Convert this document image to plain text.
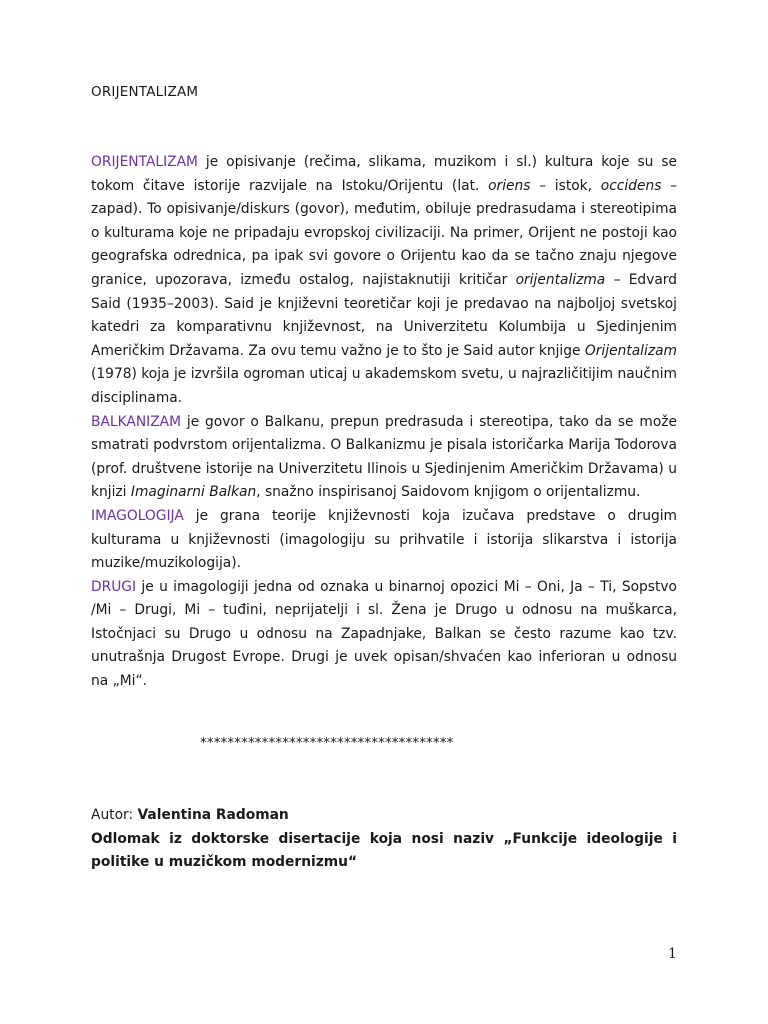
ORIJENTALIZAM

ORIJENTALIZAM je opisivanje (rečima, slikama, muzikom i sl.) kultura koje su se tokom čitave istorije razvijale na Istoku/Orijentu (lat. oriens – istok, occidens – zapad). To opisivanje/diskurs (govor), međutim, obiluje predrasudama i stereotipima o kulturama koje ne pripadaju evropskoj civilizaciji. Na primer, Orijent ne postoji kao geografska odrednica, pa ipak svi govore o Orijentu kao da se tačno znaju njegove granice, upozorava, između ostalog, najistaknutiji kritičar orijentalizma – Edvard Said (1935–2003). Said je književni teoretičar koji je predavao na najboljoj svetskoj katedri za komparativnu književnost, na Univerzitetu Kolumbija u Sjedinjenim Američkim Državama. Za ovu temu važno je to što je Said autor knjige Orijentalizam (1978) koja je izvršila ogroman uticaj u akademskom svetu, u najrazličitijim naučnim disciplinama.

BALKANIZAM je govor o Balkanu, prepun predrasuda i stereotipa, tako da se može smatrati podvrstom orijentalizma. O Balkanizmu je pisala istoričarka Marija Todorova (prof. društvene istorije na Univerzitetu Ilinois u Sjedinjenim Američkim Državama) u knjizi Imaginarni Balkan, snažno inspirisanoj Saidovom knjigom o orijentalizmu.

IMAGOLOGIJA je grana teorije književnosti koja izučava predstave o drugim kulturama u književnosti (imagologiju su prihvatile i istorija slikarstva i istorija muzike/muzikologija).

DRUGI je u imagologiji jedna od oznaka u binarnoj opozici Mi – Oni, Ja – Ti, Sopstvo /Mi – Drugi, Mi – tuđini, neprijatelji i sl. Žena je Drugo u odnosu na muškarca, Istočnjaci su Drugo u odnosu na Zapadnjake, Balkan se često razume kao tzv. unutrašnja Drugost Evrope. Drugi je uvek opisan/shvaćen kao inferioran u odnosu na „Mi“.

*************************************

Autor: Valentina Radoman

Odlomak iz doktorske disertacije koja nosi naziv „Funkcije ideologije i politike u muzičkom modernizmu“

1
